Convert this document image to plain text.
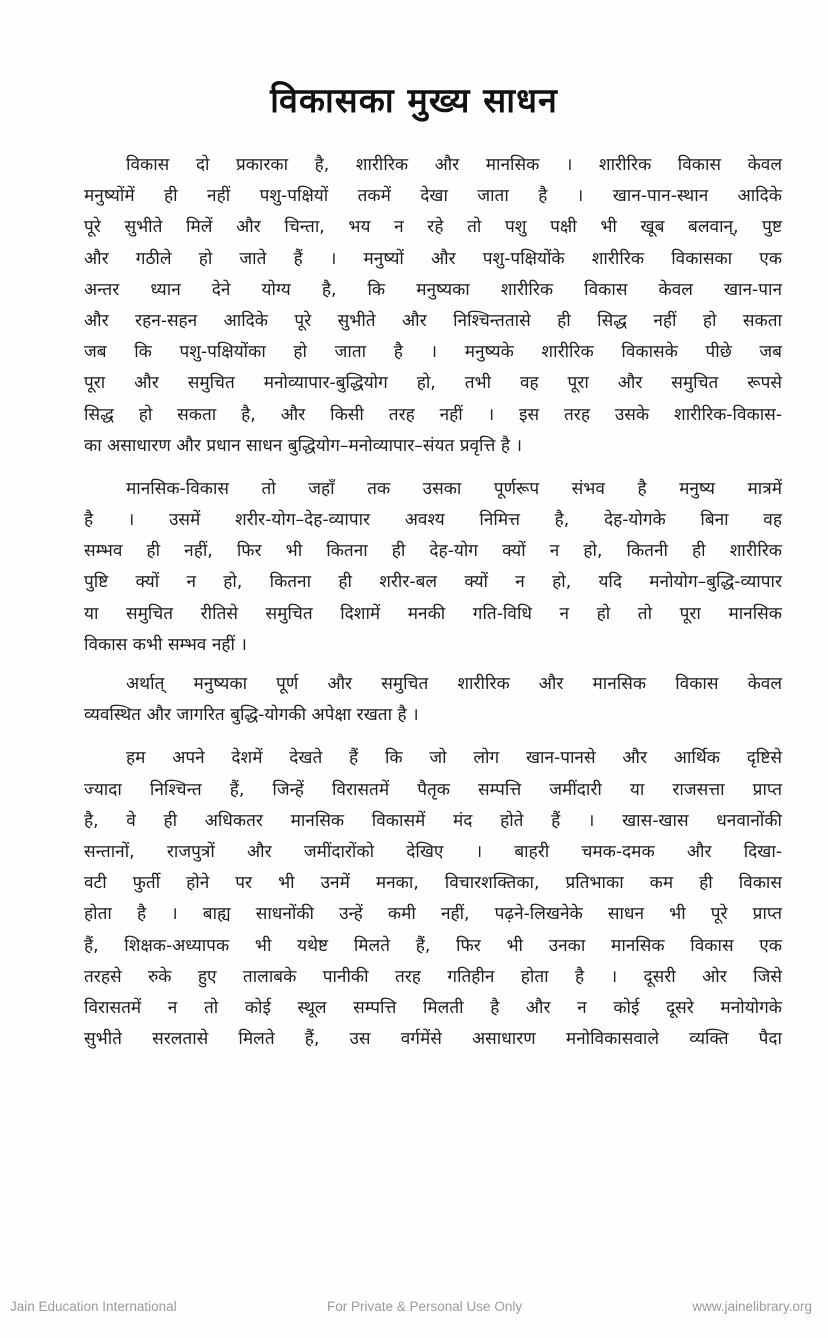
विकासका मुख्य साधन
विकास दो प्रकारका है, शारीरिक और मानसिक । शारीरिक विकास केवल
मनुष्योंमें ही नहीं पशु-पक्षियों तकमें देखा जाता है । खान-पान-स्थान आदिके
पूरे सुभीते मिलें और चिन्ता, भय न रहे तो पशु पक्षी भी खूब बलवान्, पुष्ट
और गठीले हो जाते हैं । मनुष्यों और पशु-पक्षियोंके शारीरिक विकासका एक
अन्तर ध्यान देने योग्य है, कि मनुष्यका शारीरिक विकास केवल खान-पान
और रहन-सहन आदिके पूरे सुभीते और निश्चिन्ततासे ही सिद्ध नहीं हो सकता
जब कि पशु-पक्षियोंका हो जाता है । मनुष्यके शारीरिक विकासके पीछे जब
पूरा और समुचित मनोव्यापार-बुद्धियोग हो, तभी वह पूरा और समुचित रूपसे
सिद्ध हो सकता है, और किसी तरह नहीं । इस तरह उसके शारीरिक-विकास-
का असाधारण और प्रधान साधन बुद्धियोग–मनोव्यापार–संयत प्रवृत्ति है ।
मानसिक-विकास तो जहाँ तक उसका पूर्णरूप संभव है मनुष्य मात्रमें
है । उसमें शरीर-योग–देह-व्यापार अवश्य निमित्त है, देह-योगके बिना वह
सम्भव ही नहीं, फिर भी कितना ही देह-योग क्यों न हो, कितनी ही शारीरिक
पुष्टि क्यों न हो, कितना ही शरीर-बल क्यों न हो, यदि मनोयोग–बुद्धि-व्यापार
या समुचित रीतिसे समुचित दिशामें मनकी गति-विधि न हो तो पूरा मानसिक
विकास कभी सम्भव नहीं ।
अर्थात् मनुष्यका पूर्ण और समुचित शारीरिक और मानसिक विकास केवल
व्यवस्थित और जागरित बुद्धि-योगकी अपेक्षा रखता है ।
हम अपने देशमें देखते हैं कि जो लोग खान-पानसे और आर्थिक दृष्टिसे
ज्यादा निश्चिन्त हैं, जिन्हें विरासतमें पैतृक सम्पत्ति जमींदारी या राजसत्ता प्राप्त
है, वे ही अधिकतर मानसिक विकासमें मंद होते हैं । खास-खास धनवानोंकी
सन्तानों, राजपुत्रों और जमींदारोंको देखिए । बाहरी चमक-दमक और दिखा-
वटी फुर्ती होने पर भी उनमें मनका, विचारशक्तिका, प्रतिभाका कम ही विकास
होता है । बाह्य साधनोंकी उन्हें कमी नहीं, पढ़ने-लिखनेके साधन भी पूरे प्राप्त
हैं, शिक्षक-अध्यापक भी यथेष्ट मिलते हैं, फिर भी उनका मानसिक विकास एक
तरहसे रुके हुए तालाबके पानीकी तरह गतिहीन होता है । दूसरी ओर जिसे
विरासतमें न तो कोई स्थूल सम्पत्ति मिलती है और न कोई दूसरे मनोयोगके
सुभीते सरलतासे मिलते हैं, उस वर्गमेंसे असाधारण मनोविकासवाले व्यक्ति पैदा
Jain Education International	For Private & Personal Use Only	www.jainelibrary.org
